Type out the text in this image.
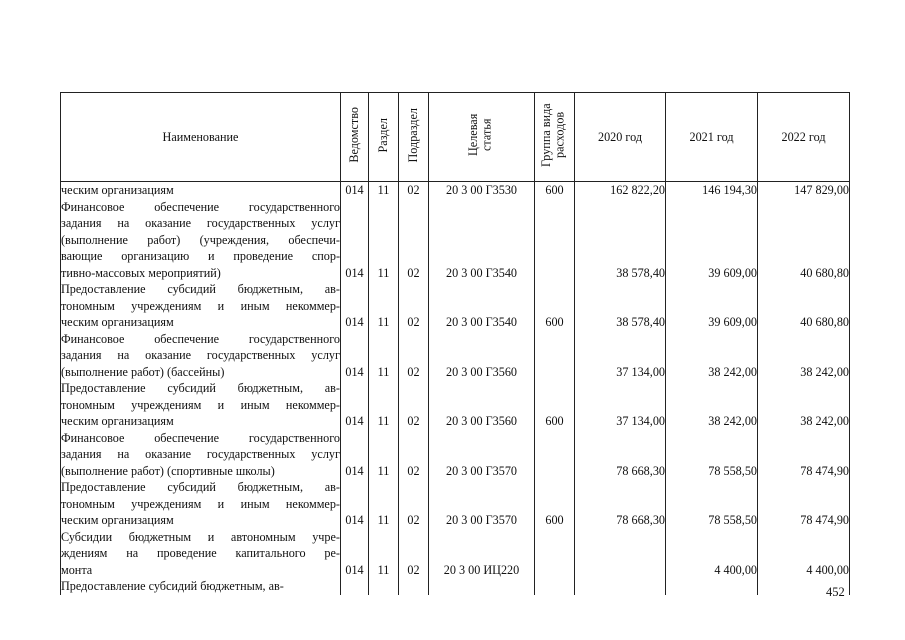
Наименование	Ведомство	Раздел	Подраздел	Целевая статья	Группа вида расходов	2020 год	2021 год	2022 год

ческим организациям	014	11	02	20 3 00 Г3530	600	162 822,20	146 194,30	147 829,00

Финансовое обеспечение государственного
задания на оказание государственных услуг
(выполнение работ) (учреждения, обеспечи-
вающие организацию и проведение спор-
тивно-массовых мероприятий)	014	11	02	20 3 00 Г3540		38 578,40	39 609,00	40 680,80

Предоставление субсидий бюджетным, ав-
тономным учреждениям и иным некоммер-
ческим организациям	014	11	02	20 3 00 Г3540	600	38 578,40	39 609,00	40 680,80

Финансовое обеспечение государственного
задания на оказание государственных услуг
(выполнение работ) (бассейны)	014	11	02	20 3 00 Г3560		37 134,00	38 242,00	38 242,00

Предоставление субсидий бюджетным, ав-
тономным учреждениям и иным некоммер-
ческим организациям	014	11	02	20 3 00 Г3560	600	37 134,00	38 242,00	38 242,00

Финансовое обеспечение государственного
задания на оказание государственных услуг
(выполнение работ) (спортивные школы)	014	11	02	20 3 00 Г3570		78 668,30	78 558,50	78 474,90

Предоставление субсидий бюджетным, ав-
тономным учреждениям и иным некоммер-
ческим организациям	014	11	02	20 3 00 Г3570	600	78 668,30	78 558,50	78 474,90

Субсидии бюджетным и автономным учре-
ждениям на проведение капитального ре-
монта	014	11	02	20 3 00 ИЦ220			4 400,00	4 400,00

Предоставление субсидий бюджетным, ав-								
									452
